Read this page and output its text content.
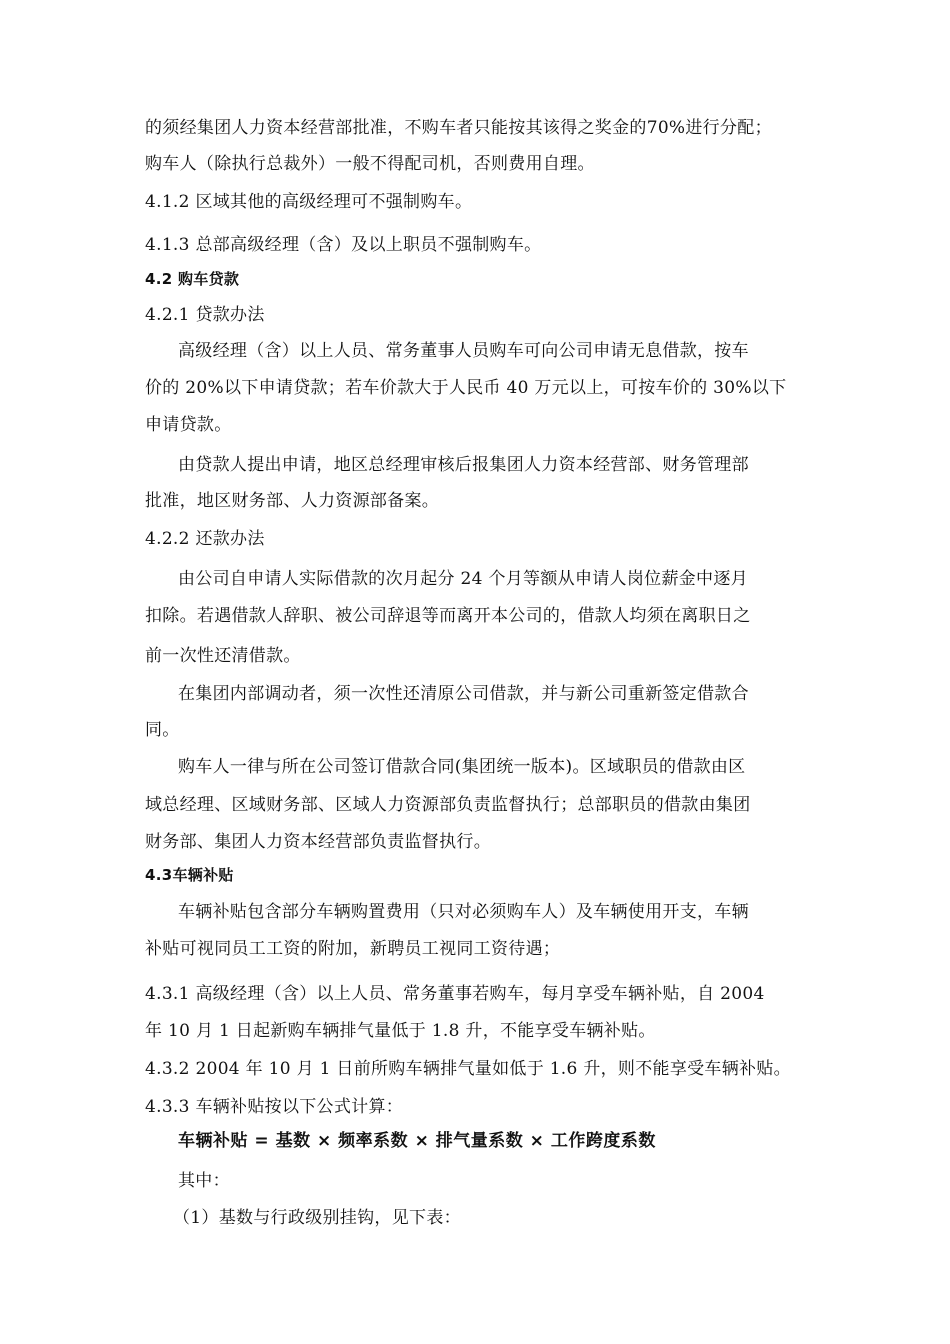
的须经集团人力资本经营部批准，不购车者只能按其该得之奖金的70%进行分配；
购车人（除执行总裁外）一般不得配司机，否则费用自理。
4.1.2 区域其他的高级经理可不强制购车。
4.1.3 总部高级经理（含）及以上职员不强制购车。
4.2 购车贷款
4.2.1 贷款办法
高级经理（含）以上人员、常务董事人员购车可向公司申请无息借款，按车
价的 20%以下申请贷款；若车价款大于人民币 40 万元以上，可按车价的 30%以下
申请贷款。
由贷款人提出申请，地区总经理审核后报集团人力资本经营部、财务管理部
批准，地区财务部、人力资源部备案。
4.2.2 还款办法
由公司自申请人实际借款的次月起分 24 个月等额从申请人岗位薪金中逐月
扣除。若遇借款人辞职、被公司辞退等而离开本公司的，借款人均须在离职日之
前一次性还清借款。
在集团内部调动者，须一次性还清原公司借款，并与新公司重新签定借款合
同。
购车人一律与所在公司签订借款合同(集团统一版本)。区域职员的借款由区
域总经理、区域财务部、区域人力资源部负责监督执行；总部职员的借款由集团
财务部、集团人力资本经营部负责监督执行。
4.3车辆补贴
车辆补贴包含部分车辆购置费用（只对必须购车人）及车辆使用开支，车辆
补贴可视同员工工资的附加，新聘员工视同工资待遇；
4.3.1 高级经理（含）以上人员、常务董事若购车，每月享受车辆补贴，自 2004
年 10 月 1 日起新购车辆排气量低于 1.8 升，不能享受车辆补贴。
4.3.2 2004 年 10 月 1 日前所购车辆排气量如低于 1.6 升，则不能享受车辆补贴。
4.3.3 车辆补贴按以下公式计算：
车辆补贴 = 基数 × 频率系数 × 排气量系数 × 工作跨度系数
其中：
（1）基数与行政级别挂钩，见下表：
